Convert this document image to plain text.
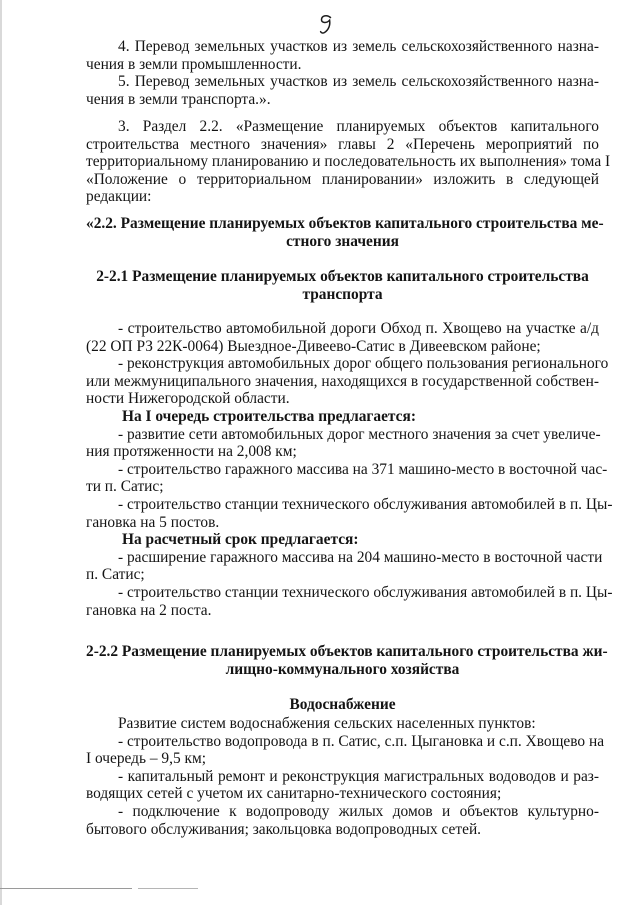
4. Перевод земельных участков из земель сельскохозяйственного назна-
чения в земли промышленности.
5. Перевод земельных участков из земель сельскохозяйственного назна-
чения в земли транспорта.».
3. Раздел 2.2. «Размещение планируемых объектов капитального
строительства местного значения» главы 2 «Перечень мероприятий по
территориальному планированию и последовательность их выполнения» тома I
«Положение о территориальном планировании» изложить в следующей
редакции:
«2.2. Размещение планируемых объектов капитального строительства ме-
стного значения
2-2.1 Размещение планируемых объектов капитального строительства
транспорта
- строительство автомобильной дороги Обход п. Хвощево на участке а/д
(22 ОП РЗ 22К-0064) Выездное-Дивеево-Сатис в Дивеевском районе;
- реконструкция автомобильных дорог общего пользования регионального
или межмуниципального значения, находящихся в государственной собствен-
ности Нижегородской области.
На I очередь строительства предлагается:
- развитие сети автомобильных дорог местного значения за счет увеличе-
ния протяженности на 2,008 км;
- строительство гаражного массива на 371 машино-место в восточной час-
ти п. Сатис;
- строительство станции технического обслуживания автомобилей в п. Цы-
гановка на 5 постов.
На расчетный срок предлагается:
- расширение гаражного массива на 204 машино-место в восточной части
п. Сатис;
- строительство станции технического обслуживания автомобилей в п. Цы-
гановка на 2 поста.
2-2.2 Размещение планируемых объектов капитального строительства жи-
лищно-коммунального хозяйства
Водоснабжение
Развитие систем водоснабжения сельских населенных пунктов:
- строительство водопровода в п. Сатис, с.п. Цыгановка и с.п. Хвощево на
I очередь – 9,5 км;
- капитальный ремонт и реконструкция магистральных водоводов и раз-
водящих сетей с учетом их санитарно-технического состояния;
- подключение к водопроводу жилых домов и объектов культурно-
бытового обслуживания; закольцовка водопроводных сетей.
